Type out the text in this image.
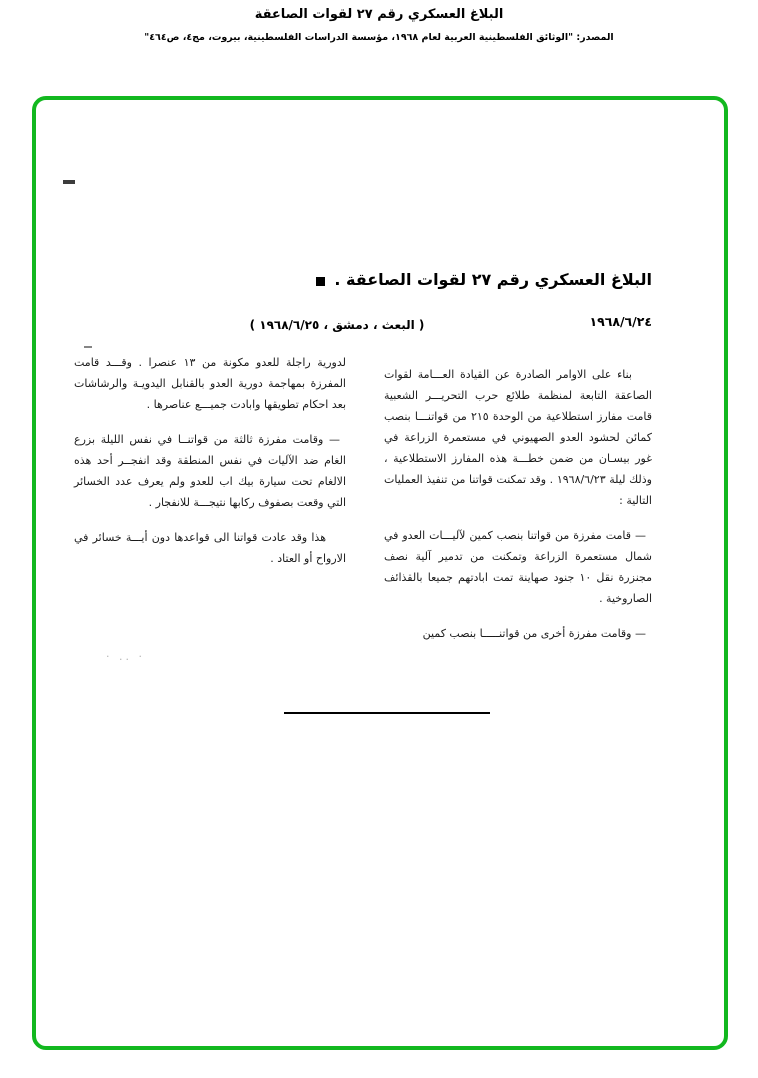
البلاغ العسكري رقم ٢٧ لقوات الصاعقة
المصدر: "الوثائق الفلسطينية العربية لعام ١٩٦٨، مؤسسة الدراسات الفلسطينية، بيروت، مج٤، ص٤٦٤"
البلاغ العسكري رقم ٢٧ لقوات الصاعقة .
١٩٦٨/٦/٢٤
( البعث ، دمشق ، ١٩٦٨/٦/٢٥ )

بناء على الاوامر الصادرة عن القيادة العـــامة لقوات الصاعقة التابعة لمنظمة طلائع حرب التحريـــر الشعبية قامت مفارز استطلاعية من الوحدة ٢١٥ من قواتنـــا بنصب كمائن لحشود العدو الصهيوني في مستعمرة الزراعة في غور بيسـان من ضمن خطـــة هذه المفارز الاستطلاعية ، وذلك ليلة ١٩٦٨/٦/٢٣ . وقد تمكنت قواتنا من تنفيذ العمليات التالية :

— قامت مفرزة من قواتنا بنصب كمين لآليـــات العدو في شمال مستعمرة الزراعة وتمكنت من تدمير آلية نصف مجنزرة نقل ١٠ جنود صهاينة تمت ابادتهم جميعا بالقذائف الصاروخية .

— وقامت مفرزة أخرى من قواتنـــــا بنصب كمين

لدورية راجلة للعدو مكونة من ١٣ عنصرا . وقـــد قامت المفرزة بمهاجمة دورية العدو بالقنابل اليدويـة والرشاشات بعد احكام تطويقها وابادت جميـــع عناصرها .

— وقامت مفرزة ثالثة من قواتنــا في نفس الليلة بزرع الغام ضد الآليات في نفس المنطقة وقد انفجــر أحد هذه الالغام تحت سيارة بيك اب للعدو ولم يعرف عدد الخسائر التي وقعت بصفوف ركابها نتيجـــة للانفجار .

هذا وقد عادت قواتنا الى قواعدها دون أيـــة خسائر في الارواح أو العتاد .

· .. ·
